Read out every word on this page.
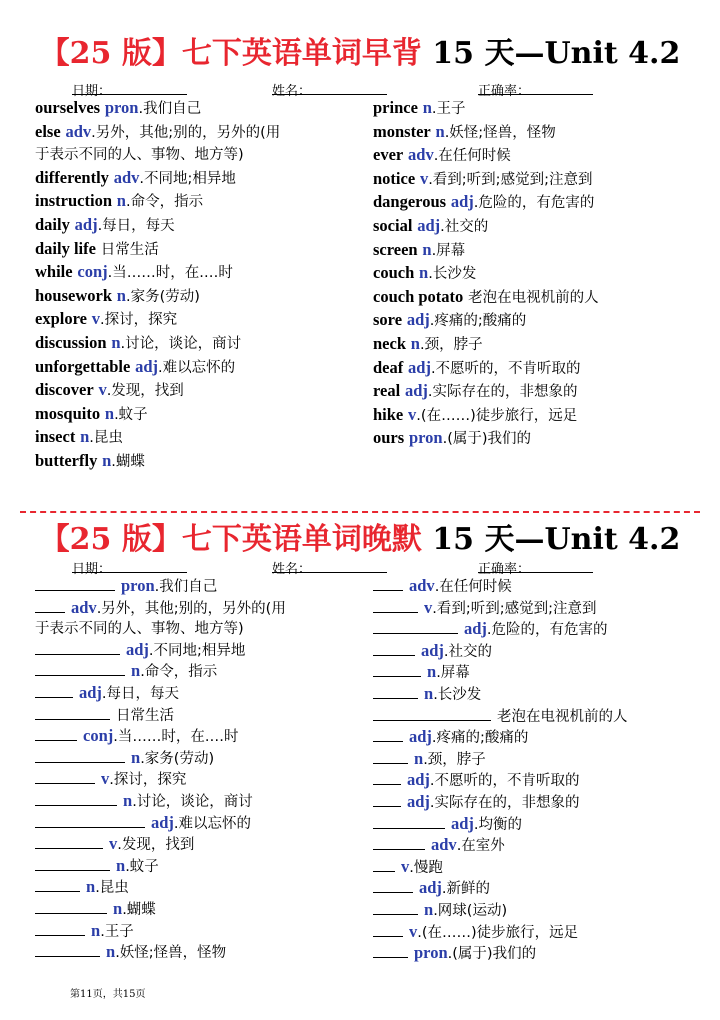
【25 版】七下英语单词早背 15 天—Unit 4.2
日期：	姓名：	正确率：
ourselves pron.我们自己
else adv.另外，其他;别的，另外的(用
于表示不同的人、事物、地方等)
differently adv.不同地;相异地
instruction n.命令，指示
daily adj.每日，每天
daily life 日常生活
while conj.当……时，在.…时
housework n.家务(劳动)
explore v.探讨，探究
discussion n.讨论，谈论，商讨
unforgettable adj.难以忘怀的
discover v.发现，找到
mosquito n.蚊子
insect n.昆虫
butterfly n.蝴蝶
prince n.王子
monster n.妖怪;怪兽，怪物
ever adv.在任何时候
notice v.看到;听到;感觉到;注意到
dangerous adj.危险的，有危害的
social adj.社交的
screen n.屏幕
couch n.长沙发
couch potato 老泡在电视机前的人
sore adj.疼痛的;酸痛的
neck n.颈，脖子
deaf adj.不愿听的，不肯听取的
real adj.实际存在的，非想象的
hike v.(在……)徒步旅行，远足
ours pron.(属于)我们的
【25 版】七下英语单词晚默 15 天—Unit 4.2
日期：	姓名：	正确率：
pron.我们自己
adv.另外，其他;别的，另外的(用
于表示不同的人、事物、地方等)
adj.不同地;相异地
n.命令，指示
adj.每日，每天
日常生活
conj.当……时，在.…时
n.家务(劳动)
v.探讨，探究
n.讨论，谈论，商讨
adj.难以忘怀的
v.发现，找到
n.蚊子
n.昆虫
n.蝴蝶
n.王子
n.妖怪;怪兽，怪物
adv.在任何时候
v.看到;听到;感觉到;注意到
adj.危险的，有危害的
adj.社交的
n.屏幕
n.长沙发
老泡在电视机前的人
adj.疼痛的;酸痛的
n.颈，脖子
adj.不愿听的，不肯听取的
adj.实际存在的，非想象的
adj.均衡的
adv.在室外
v.慢跑
adj.新鲜的
n.网球(运动)
v.(在……)徒步旅行，远足
pron.(属于)我们的
第11页，共15页
